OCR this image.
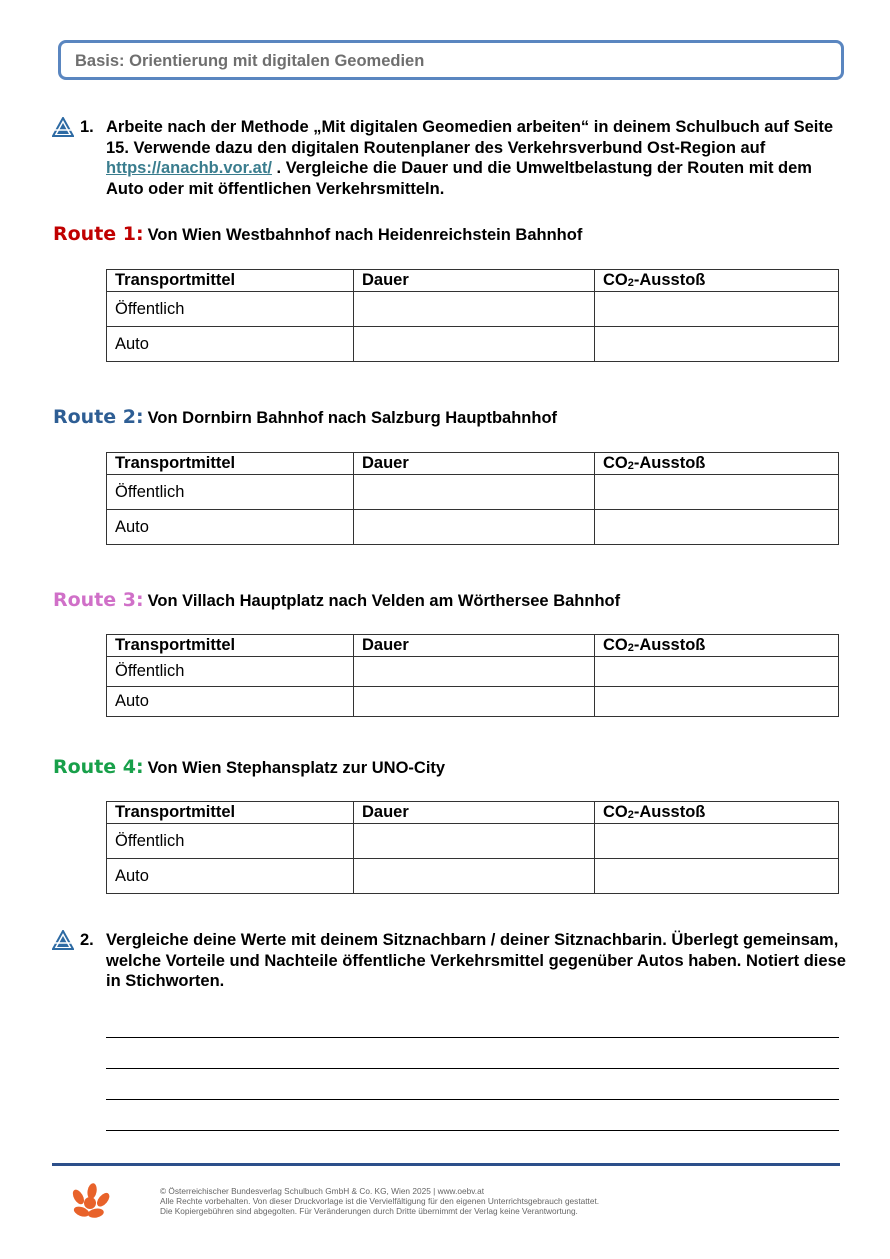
Basis: Orientierung mit digitalen Geomedien
1. Arbeite nach der Methode „Mit digitalen Geomedien arbeiten“ in deinem Schulbuch auf Seite 15. Verwende dazu den digitalen Routenplaner des Verkehrsverbund Ost-Region auf https://anachb.vor.at/ . Vergleiche die Dauer und die Umweltbelastung der Routen mit dem Auto oder mit öffentlichen Verkehrsmitteln.
Route 1: Von Wien Westbahnhof nach Heidenreichstein Bahnhof
Transportmittel	Dauer	$CO_2$-Ausstoß
Öffentlich		
Auto		
Route 2: Von Dornbirn Bahnhof nach Salzburg Hauptbahnhof
Transportmittel	Dauer	$CO_2$-Ausstoß
Öffentlich		
Auto		
Route 3: Von Villach Hauptplatz nach Velden am Wörthersee Bahnhof
Transportmittel	Dauer	$CO_2$-Ausstoß
Öffentlich		
Auto		
Route 4: Von Wien Stephansplatz zur UNO-City
Transportmittel	Dauer	$CO_2$-Ausstoß
Öffentlich		
Auto		
2. Vergleiche deine Werte mit deinem Sitznachbarn / deiner Sitznachbarin. Überlegt gemeinsam, welche Vorteile und Nachteile öffentliche Verkehrsmittel gegenüber Autos haben. Notiert diese in Stichworten.
© Österreichischer Bundesverlag Schulbuch GmbH & Co. KG, Wien 2025 | www.oebv.at
Alle Rechte vorbehalten. Von dieser Druckvorlage ist die Vervielfältigung für den eigenen Unterrichtsgebrauch gestattet.
Die Kopiergebühren sind abgegolten. Für Veränderungen durch Dritte übernimmt der Verlag keine Verantwortung.
